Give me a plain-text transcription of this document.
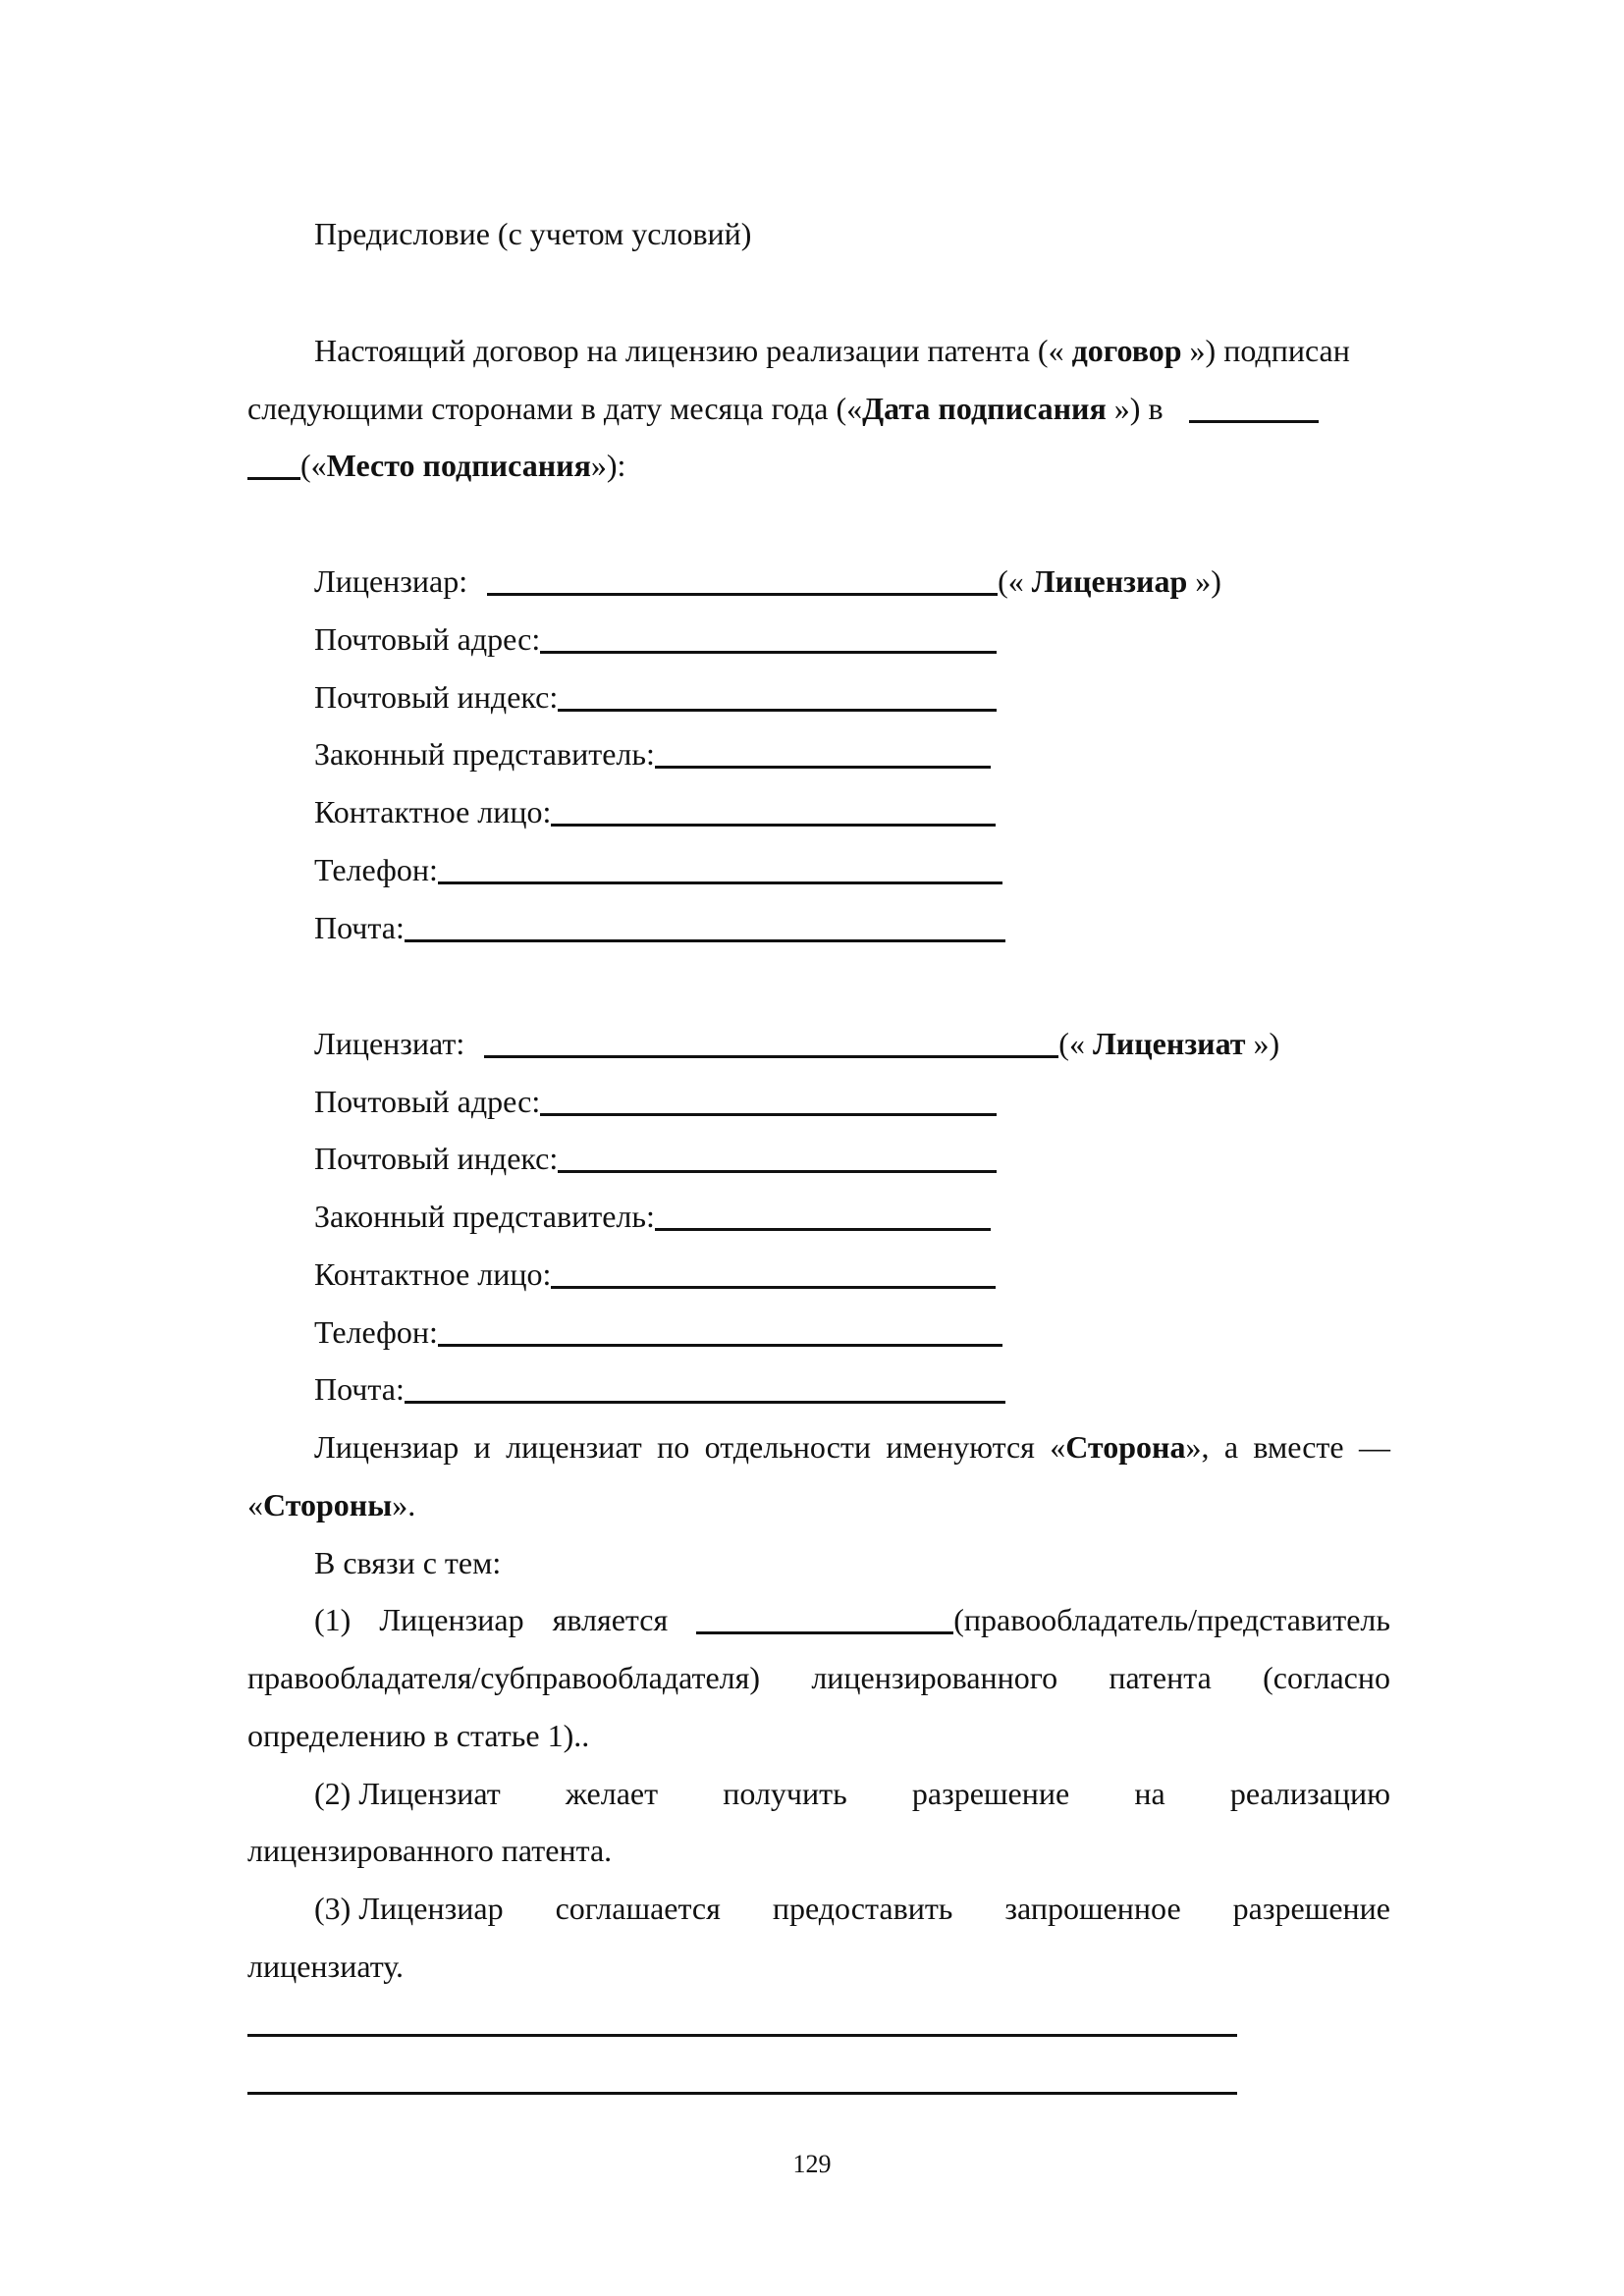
Предисловие (с учетом условий)
Настоящий договор на лицензию реализации патента (« договор ») подписан
следующими сторонами в дату месяца года («Дата подписания ») в
(«Место подписания»):
Лицензиар:	(« Лицензиар »)
Почтовый адрес:
Почтовый индекс:
Законный представитель:
Контактное лицо:
Телефон:
Почта:
Лицензиат:	(« Лицензиат »)
Почтовый адрес:
Почтовый индекс:
Законный представитель:
Контактное лицо:
Телефон:
Почта:
Лицензиар и лицензиат по отдельности именуются «Сторона», а вместе —
«Стороны».
В связи с тем:
(1) Лицензиар является	(правообладатель/представитель
правообладателя/субправообладателя) лицензированного патента (согласно
определению в статье 1)..
(2) Лицензиат желает получить разрешение на реализацию
лицензированного патента.
(3) Лицензиар соглашается предоставить запрошенное разрешение
лицензиату.
129
